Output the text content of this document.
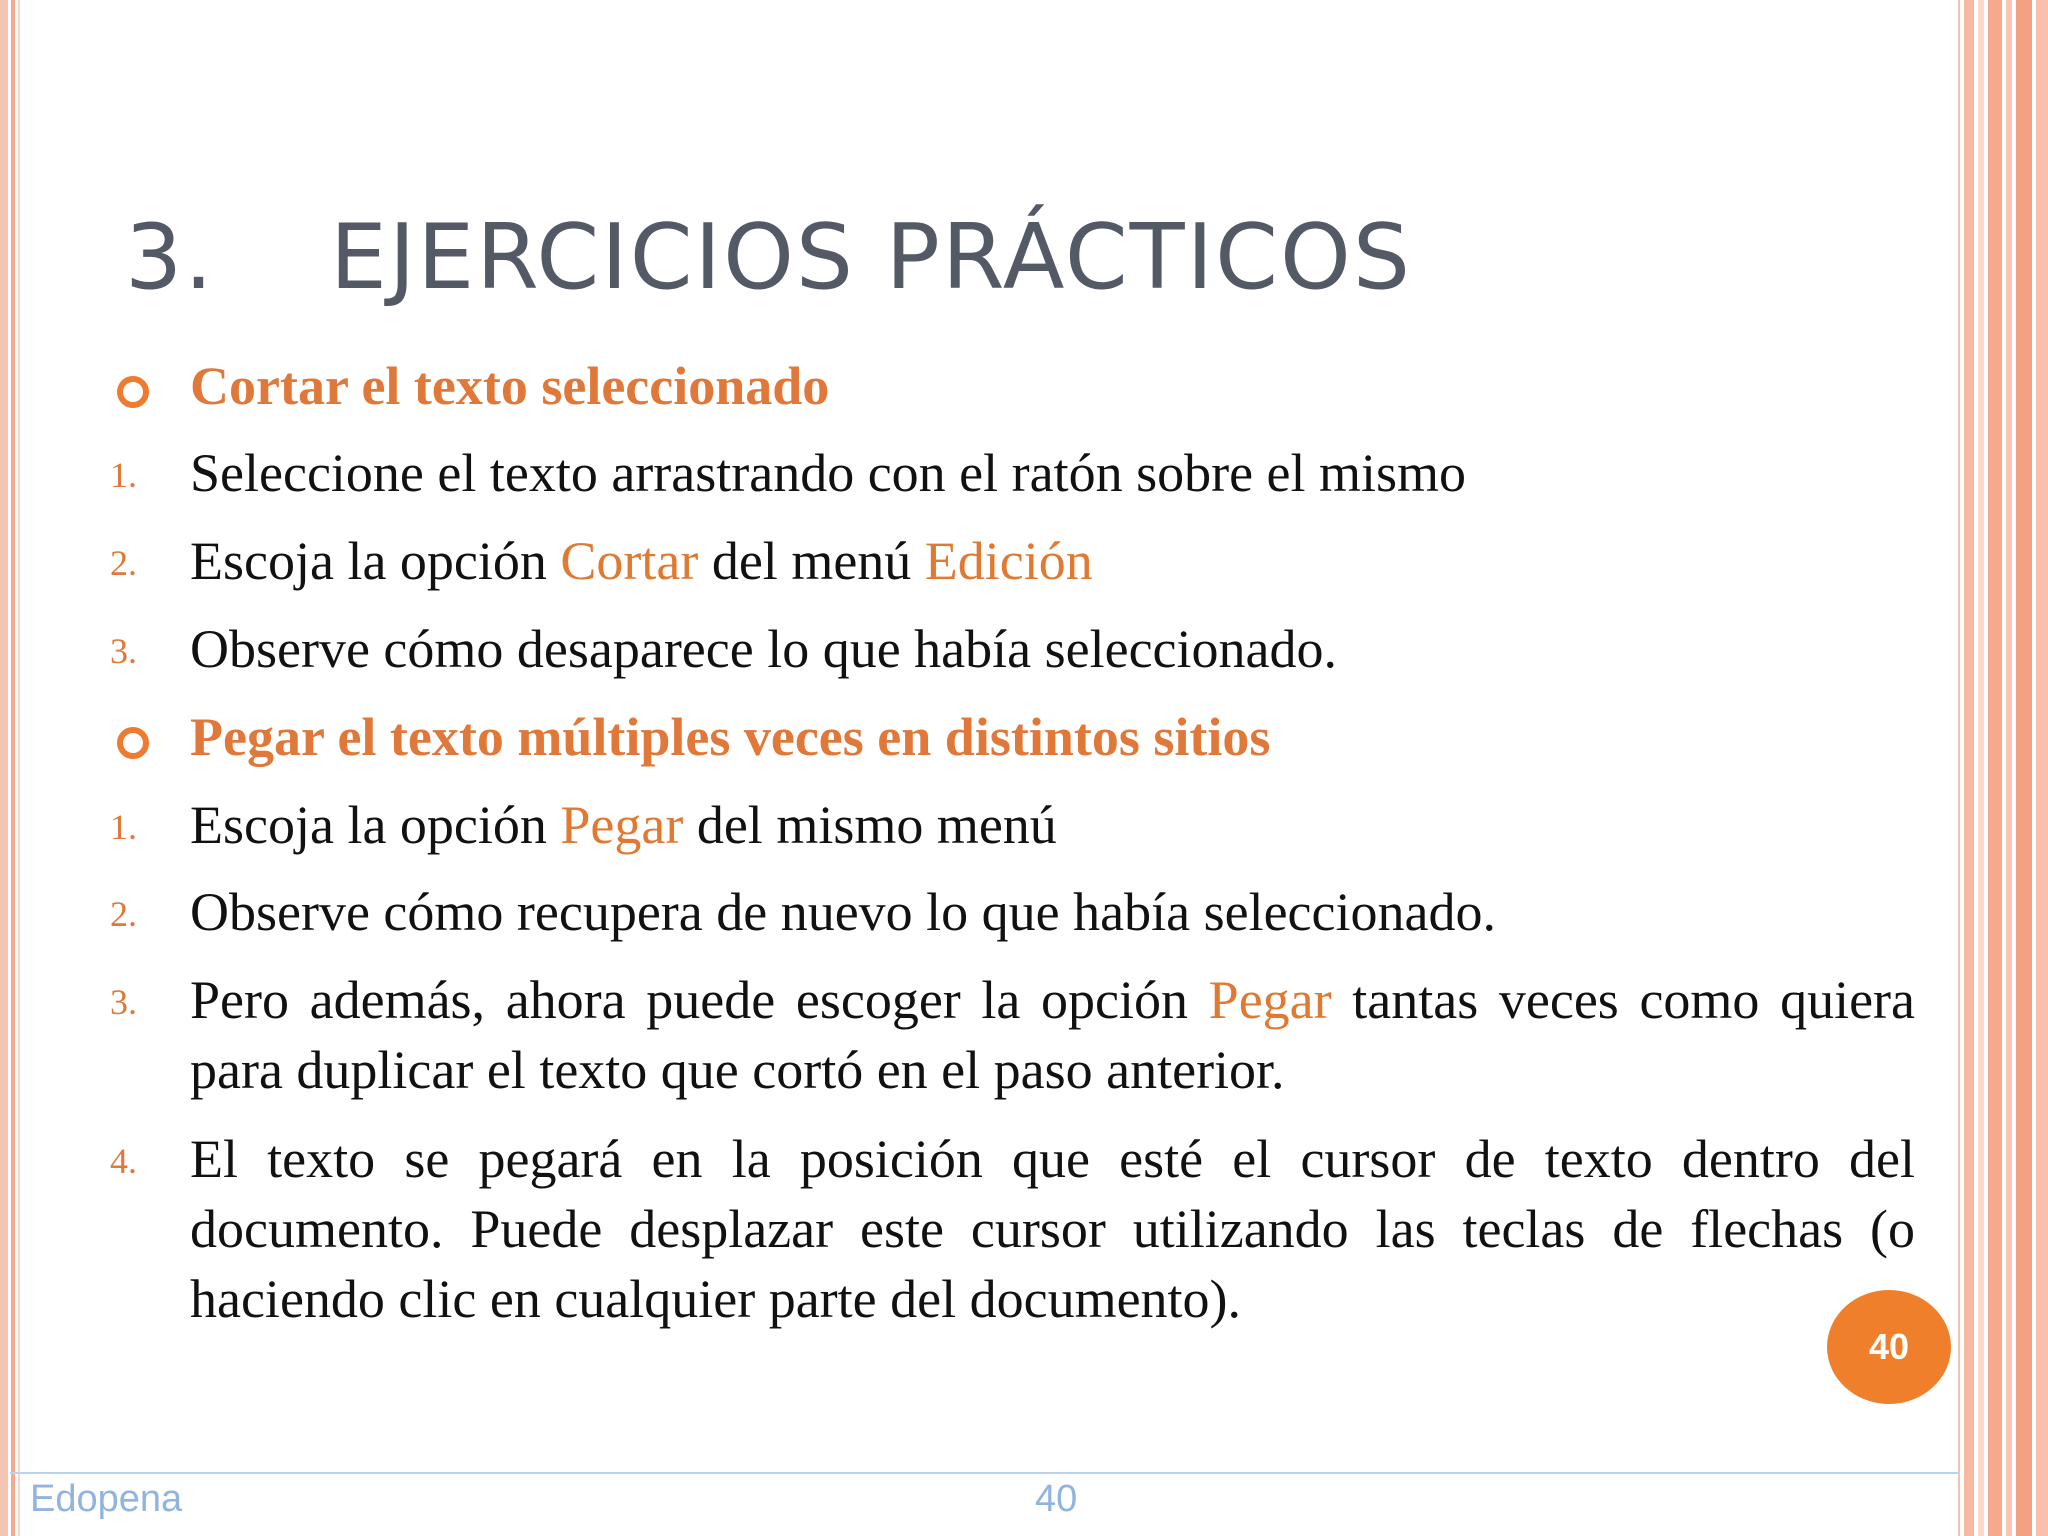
3. EJERCICIOS PRÁCTICOS
Cortar el texto seleccionado
1. Seleccione el texto arrastrando con el ratón sobre el mismo
2. Escoja la opción Cortar del menú Edición
3. Observe cómo desaparece lo que había seleccionado.
Pegar el texto múltiples veces en distintos sitios
1. Escoja la opción Pegar del mismo menú
2. Observe cómo recupera de nuevo lo que había seleccionado.
3. Pero además, ahora puede escoger la opción Pegar tantas veces como quiera para duplicar el texto que cortó en el paso anterior.
4. El texto se pegará en la posición que esté el cursor de texto dentro del documento. Puede desplazar este cursor utilizando las teclas de flechas (o haciendo clic en cualquier parte del documento).
40
Edopena	40
